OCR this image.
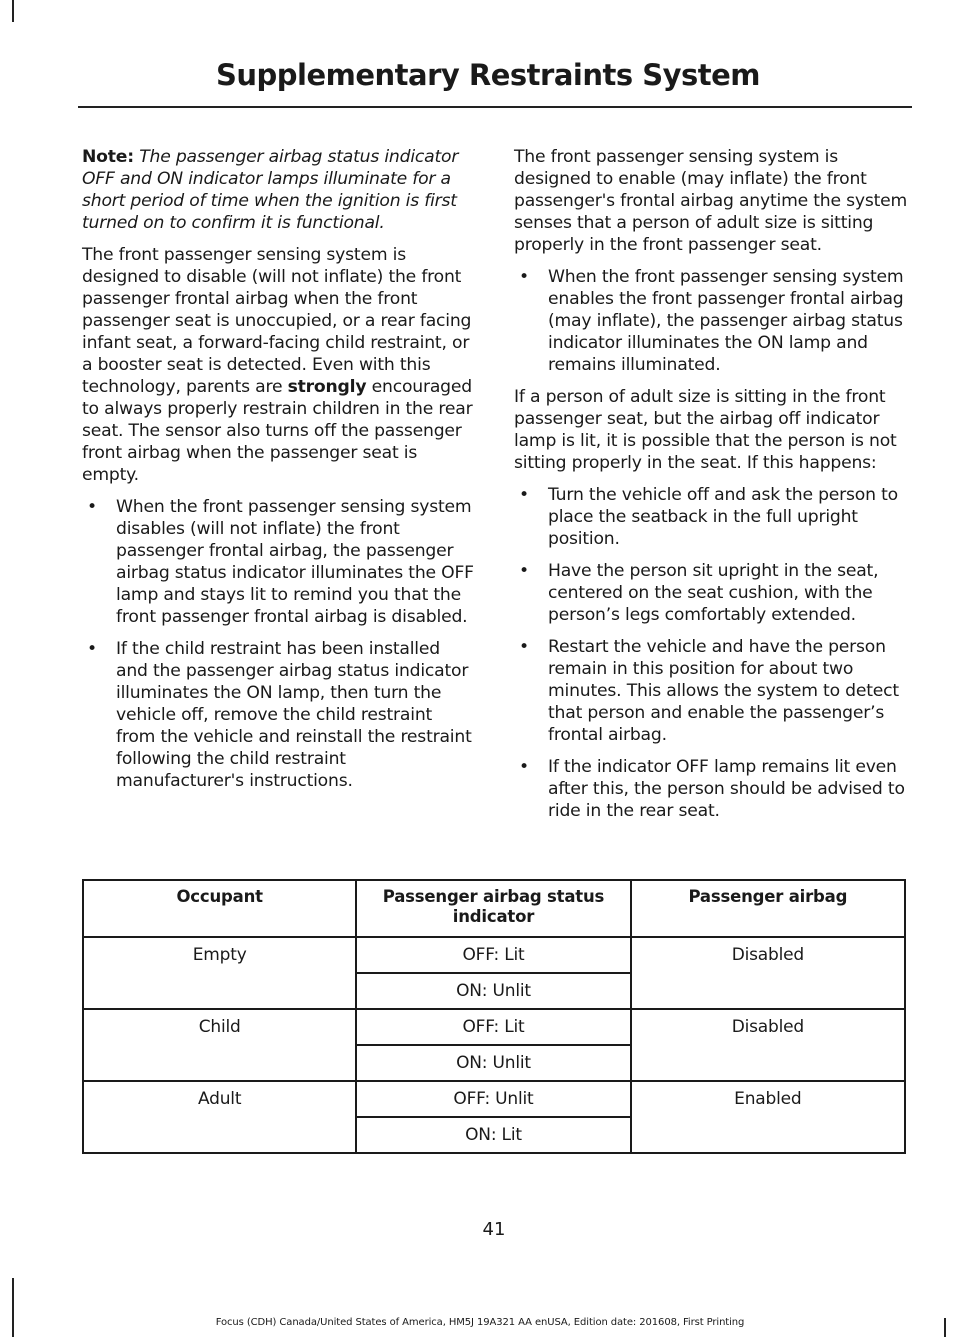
Supplementary Restraints System

Note: The passenger airbag status indicator OFF and ON indicator lamps illuminate for a short period of time when the ignition is first turned on to confirm it is functional.

The front passenger sensing system is designed to disable (will not inflate) the front passenger frontal airbag when the front passenger seat is unoccupied, or a rear facing infant seat, a forward-facing child restraint, or a booster seat is detected. Even with this technology, parents are strongly encouraged to always properly restrain children in the rear seat. The sensor also turns off the passenger front airbag when the passenger seat is empty.

• When the front passenger sensing system disables (will not inflate) the front passenger frontal airbag, the passenger airbag status indicator illuminates the OFF lamp and stays lit to remind you that the front passenger frontal airbag is disabled.
• If the child restraint has been installed and the passenger airbag status indicator illuminates the ON lamp, then turn the vehicle off, remove the child restraint from the vehicle and reinstall the restraint following the child restraint manufacturer's instructions.

The front passenger sensing system is designed to enable (may inflate) the front passenger's frontal airbag anytime the system senses that a person of adult size is sitting properly in the front passenger seat.

• When the front passenger sensing system enables the front passenger frontal airbag (may inflate), the passenger airbag status indicator illuminates the ON lamp and remains illuminated.

If a person of adult size is sitting in the front passenger seat, but the airbag off indicator lamp is lit, it is possible that the person is not sitting properly in the seat. If this happens:

• Turn the vehicle off and ask the person to place the seatback in the full upright position.
• Have the person sit upright in the seat, centered on the seat cushion, with the person’s legs comfortably extended.
• Restart the vehicle and have the person remain in this position for about two minutes. This allows the system to detect that person and enable the passenger’s frontal airbag.
• If the indicator OFF lamp remains lit even after this, the person should be advised to ride in the rear seat.
Occupant	Passenger airbag status indicator	Passenger airbag
Empty	OFF: Lit	Disabled
	ON: Unlit	
Child	OFF: Lit	Disabled
	ON: Unlit	
Adult	OFF: Unlit	Enabled
	ON: Lit	
41
Focus (CDH) Canada/United States of America, HM5J 19A321 AA enUSA, Edition date: 201608, First Printing
